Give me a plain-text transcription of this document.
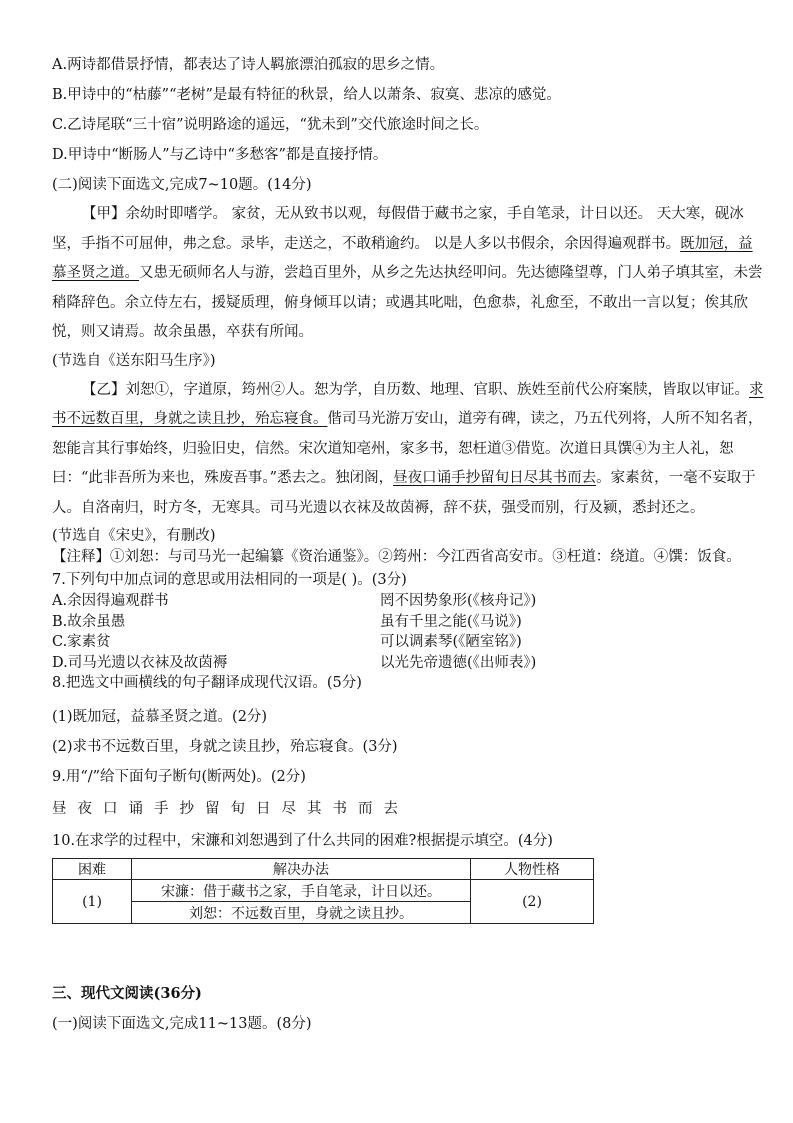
A.两诗都借景抒情，都表达了诗人羁旅漂泊孤寂的思乡之情。
B.甲诗中的“枯藤”“老树”是最有特征的秋景，给人以萧条、寂寞、悲凉的感觉。
C.乙诗尾联“三十宿”说明路途的遥远，“犹未到”交代旅途时间之长。
D.甲诗中“断肠人”与乙诗中“多愁客”都是直接抒情。
(二)阅读下面选文,完成7~10题。(14分)
【甲】余幼时即嗜学。 家贫，无从致书以观，每假借于藏书之家，手自笔录，计日以还。 天大寒，砚冰坚，手指不可屈伸，弗之怠。录毕，走送之，不敢稍逾约。 以是人多以书假余，余因得遍观群书。既加冠，益慕圣贤之道。又患无硕师名人与游，尝趋百里外，从乡之先达执经叩问。先达德隆望尊，门人弟子填其室，未尝稍降辞色。余立侍左右，援疑质理，俯身倾耳以请；或遇其叱咄，色愈恭，礼愈至，不敢出一言以复；俟其欣悦，则又请焉。故余虽愚，卒获有所闻。
(节选自《送东阳马生序》)
【乙】刘恕①，字道原，筠州②人。恕为学，自历数、地理、官职、族姓至前代公府案牍，皆取以审证。求书不远数百里，身就之读且抄，殆忘寝食。偕司马光游万安山，道旁有碑，读之，乃五代列将，人所不知名者，恕能言其行事始终，归验旧史，信然。宋次道知亳州，家多书，恕枉道③借览。次道日具馔④为主人礼，恕曰：“此非吾所为来也，殊废吾事。”悉去之。独闭阁，昼夜口诵手抄留旬日尽其书而去。家素贫，一毫不妄取于人。自洛南归，时方冬，无寒具。司马光遗以衣袜及故茵褥，辞不获，强受而别，行及颍，悉封还之。
(节选自《宋史》，有删改)
【注释】①刘恕：与司马光一起编纂《资治通鉴》。②筠州：今江西省高安市。③枉道：绕道。④馔：饭食。
7.下列句中加点词的意思或用法相同的一项是( )。(3分)
A.余因得遍观群书	罔不因势象形(《核舟记》)
B.故余虽愚	虽有千里之能(《马说》)
C.家素贫	可以调素琴(《陋室铭》)
D.司马光遗以衣袜及故茵褥	以光先帝遗德(《出师表》)
8.把选文中画横线的句子翻译成现代汉语。(5分)
(1)既加冠，益慕圣贤之道。(2分)
(2)求书不远数百里，身就之读且抄，殆忘寝食。(3分)
9.用“/”给下面句子断句(断两处)。(2分)
昼夜口诵手抄留旬日尽其书而去
10.在求学的过程中，宋濂和刘恕遇到了什么共同的困难?根据提示填空。(4分)
困难	解决办法	人物性格
(1)	宋濂：借于藏书之家，手自笔录，计日以还。	(2)
	刘恕：不远数百里，身就之读且抄。	
三、现代文阅读(36分)
(一)阅读下面选文,完成11~13题。(8分)
